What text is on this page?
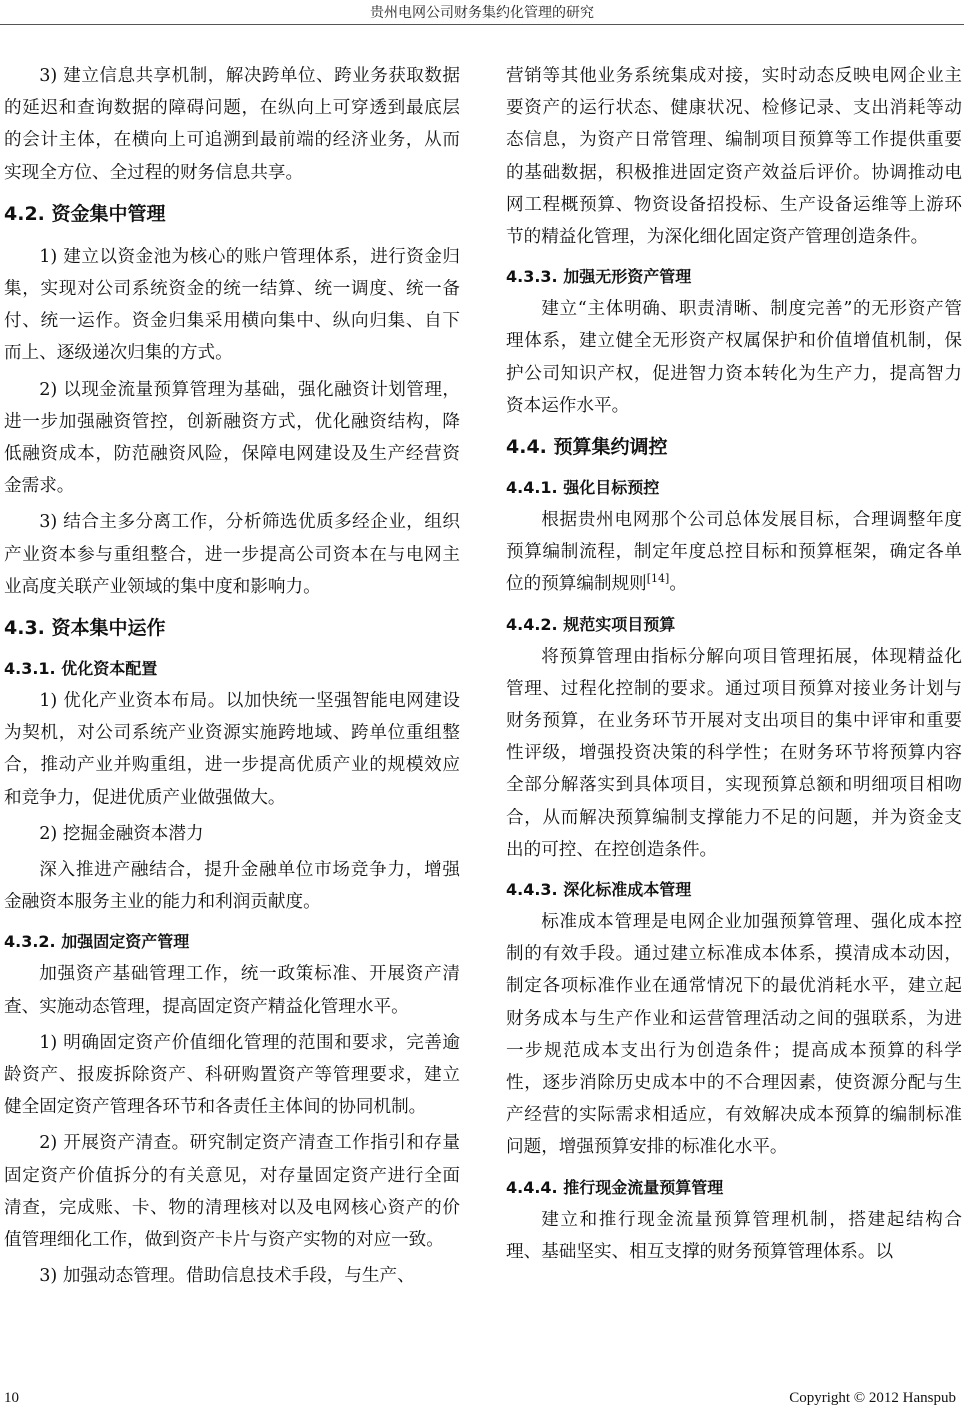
贵州电网公司财务集约化管理的研究

3) 建立信息共享机制，解决跨单位、跨业务获取数据的延迟和查询数据的障碍问题，在纵向上可穿透到最底层的会计主体，在横向上可追溯到最前端的经济业务，从而实现全方位、全过程的财务信息共享。

4.2. 资金集中管理

1) 建立以资金池为核心的账户管理体系，进行资金归集，实现对公司系统资金的统一结算、统一调度、统一备付、统一运作。资金归集采用横向集中、纵向归集、自下而上、逐级递次归集的方式。

2) 以现金流量预算管理为基础，强化融资计划管理，进一步加强融资管控，创新融资方式，优化融资结构，降低融资成本，防范融资风险，保障电网建设及生产经营资金需求。

3) 结合主多分离工作，分析筛选优质多经企业，组织产业资本参与重组整合，进一步提高公司资本在与电网主业高度关联产业领域的集中度和影响力。

4.3. 资本集中运作
4.3.1. 优化资本配置

1) 优化产业资本布局。以加快统一坚强智能电网建设为契机，对公司系统产业资源实施跨地域、跨单位重组整合，推动产业并购重组，进一步提高优质产业的规模效应和竞争力，促进优质产业做强做大。

2) 挖掘金融资本潜力

深入推进产融结合，提升金融单位市场竞争力，增强金融资本服务主业的能力和利润贡献度。

4.3.2. 加强固定资产管理

加强资产基础管理工作，统一政策标准、开展资产清查、实施动态管理，提高固定资产精益化管理水平。

1) 明确固定资产价值细化管理的范围和要求，完善逾龄资产、报废拆除资产、科研购置资产等管理要求，建立健全固定资产管理各环节和各责任主体间的协同机制。

2) 开展资产清查。研究制定资产清查工作指引和存量固定资产价值拆分的有关意见，对存量固定资产进行全面清查，完成账、卡、物的清理核对以及电网核心资产的价值管理细化工作，做到资产卡片与资产实物的对应一致。

3) 加强动态管理。借助信息技术手段，与生产、

营销等其他业务系统集成对接，实时动态反映电网企业主要资产的运行状态、健康状况、检修记录、支出消耗等动态信息，为资产日常管理、编制项目预算等工作提供重要的基础数据，积极推进固定资产效益后评价。协调推动电网工程概预算、物资设备招投标、生产设备运维等上游环节的精益化管理，为深化细化固定资产管理创造条件。

4.3.3. 加强无形资产管理

建立“主体明确、职责清晰、制度完善”的无形资产管理体系，建立健全无形资产权属保护和价值增值机制，保护公司知识产权，促进智力资本转化为生产力，提高智力资本运作水平。

4.4. 预算集约调控
4.4.1. 强化目标预控

根据贵州电网那个公司总体发展目标，合理调整年度预算编制流程，制定年度总控目标和预算框架，确定各单位的预算编制规则[14]。

4.4.2. 规范实项目预算

将预算管理由指标分解向项目管理拓展，体现精益化管理、过程化控制的要求。通过项目预算对接业务计划与财务预算，在业务环节开展对支出项目的集中评审和重要性评级，增强投资决策的科学性；在财务环节将预算内容全部分解落实到具体项目，实现预算总额和明细项目相吻合，从而解决预算编制支撑能力不足的问题，并为资金支出的可控、在控创造条件。

4.4.3. 深化标准成本管理

标准成本管理是电网企业加强预算管理、强化成本控制的有效手段。通过建立标准成本体系，摸清成本动因，制定各项标准作业在通常情况下的最优消耗水平，建立起财务成本与生产作业和运营管理活动之间的强联系，为进一步规范成本支出行为创造条件；提高成本预算的科学性，逐步消除历史成本中的不合理因素，使资源分配与生产经营的实际需求相适应，有效解决成本预算的编制标准问题，增强预算安排的标准化水平。

4.4.4. 推行现金流量预算管理

建立和推行现金流量预算管理机制，搭建起结构合理、基础坚实、相互支撑的财务预算管理体系。以

10	Copyright © 2012 Hanspub
